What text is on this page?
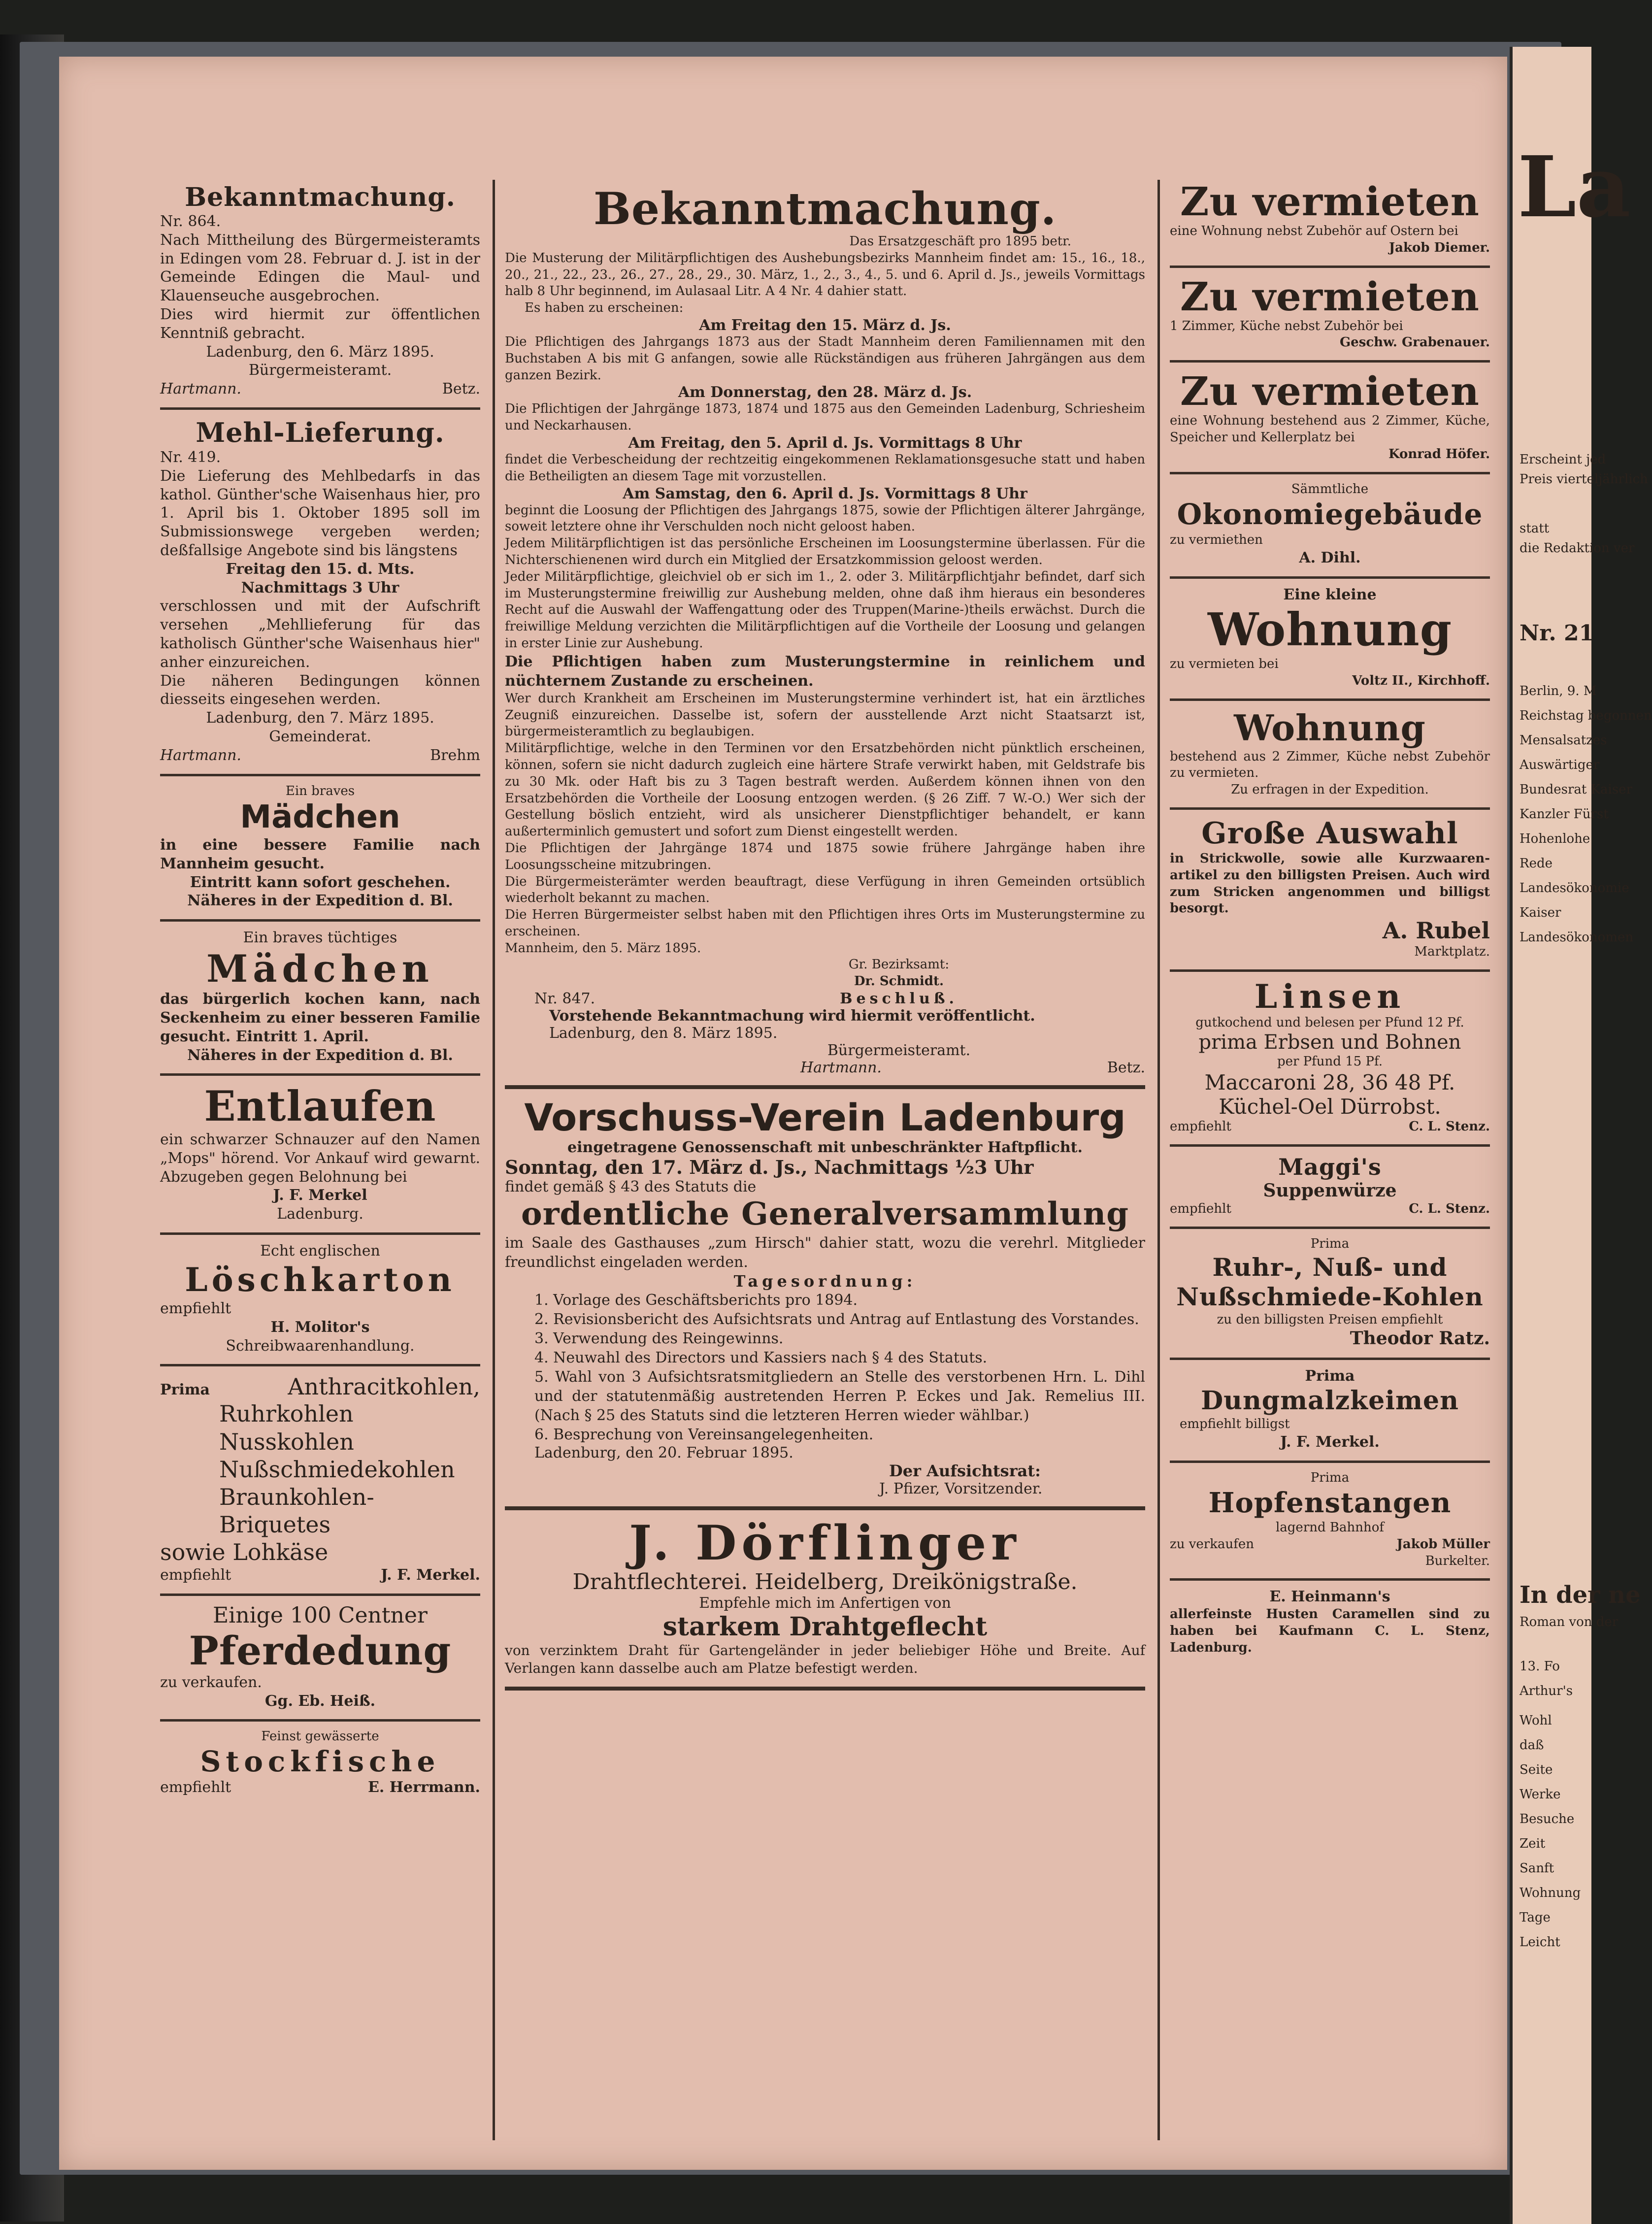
La
Erscheint jed
Preis vierteljährlich
statt
die Redaktion ver
Nr. 21
Berlin, 9. M
Reichstag begonnen
Mensalsatzes
Auswärtiger
Bundesrat Kaiser
Kanzler Fürst
Hohenlohe
Rede
Landesökonomie
Kaiser
Landesökonomen
In der ne
Roman von der
13. Fo
Arthur's
Wohl
daß
Seite
Werke
Besuche
Zeit
Sanft
Wohnung
Tage
Leicht
Bekanntmachung.
Nr. 864.
Nach Mittheilung des Bürgermeisteramts in Edingen vom 28. Februar d. J. ist in der Gemeinde Edingen die Maul- und Klauenseuche ausgebrochen.
Dies wird hiermit zur öffentlichen Kenntniß gebracht.
Ladenburg, den 6. März 1895.
Bürgermeisteramt.
Hartmann.	Betz.
Mehl-Lieferung.
Nr. 419.
Die Lieferung des Mehlbedarfs in das kathol. Günther'sche Waisenhaus hier, pro 1. April bis 1. Oktober 1895 soll im Submissionswege vergeben werden; deßfallsige Angebote sind bis längstens
Freitag den 15. d. Mts.
Nachmittags 3 Uhr
verschlossen und mit der Aufschrift versehen „Mehllieferung für das katholisch Günther'sche Waisenhaus hier" anher einzureichen.
Die näheren Bedingungen können diesseits eingesehen werden.
Ladenburg, den 7. März 1895.
Gemeinderat.
Hartmann.	Brehm
Ein braves
Mädchen
in eine bessere Familie nach Mannheim gesucht.
Eintritt kann sofort geschehen.
Näheres in der Expedition d. Bl.
Ein braves tüchtiges
Mädchen
das bürgerlich kochen kann, nach Seckenheim zu einer besseren Familie gesucht. Eintritt 1. April.
Näheres in der Expedition d. Bl.
Entlaufen
ein schwarzer Schnauzer auf den Namen „Mops" hörend. Vor Ankauf wird gewarnt. Abzugeben gegen Belohnung bei
J. F. Merkel
Ladenburg.
Echt englischen
Löschkarton
empfiehlt
H. Molitor's
Schreibwaarenhandlung.
Prima	Anthracitkohlen,
Ruhrkohlen
Nusskohlen
Nußschmiedekohlen
Braunkohlen-Briquetes
sowie Lohkäse
empfiehlt	J. F. Merkel.
Einige 100 Centner
Pferdedung
zu verkaufen.
Gg. Eb. Heiß.
Feinst gewässerte
Stockfische
empfiehlt	E. Herrmann.
Bekanntmachung.
Das Ersatzgeschäft pro 1895 betr.
Die Musterung der Militärpflichtigen des Aushebungsbezirks Mannheim findet am: 15., 16., 18., 20., 21., 22., 23., 26., 27., 28., 29., 30. März, 1., 2., 3., 4., 5. und 6. April d. Js., jeweils Vormittags halb 8 Uhr beginnend, im Aulasaal Litr. A 4 Nr. 4 dahier statt.
Es haben zu erscheinen:
Am Freitag den 15. März d. Js.
Die Pflichtigen des Jahrgangs 1873 aus der Stadt Mannheim deren Familiennamen mit den Buchstaben A bis mit G anfangen, sowie alle Rückständigen aus früheren Jahrgängen aus dem ganzen Bezirk.
Am Donnerstag, den 28. März d. Js.
Die Pflichtigen der Jahrgänge 1873, 1874 und 1875 aus den Gemeinden Ladenburg, Schriesheim und Neckarhausen.
Am Freitag, den 5. April d. Js. Vormittags 8 Uhr
findet die Verbescheidung der rechtzeitig eingekommenen Reklamationsgesuche statt und haben die Betheiligten an diesem Tage mit vorzustellen.
Am Samstag, den 6. April d. Js. Vormittags 8 Uhr
beginnt die Loosung der Pflichtigen des Jahrgangs 1875, sowie der Pflichtigen älterer Jahrgänge, soweit letztere ohne ihr Verschulden noch nicht geloost haben.
Jedem Militärpflichtigen ist das persönliche Erscheinen im Loosungstermine überlassen. Für die Nichterschienenen wird durch ein Mitglied der Ersatzkommission geloost werden.
Jeder Militärpflichtige, gleichviel ob er sich im 1., 2. oder 3. Militärpflichtjahr befindet, darf sich im Musterungstermine freiwillig zur Aushebung melden, ohne daß ihm hieraus ein besonderes Recht auf die Auswahl der Waffengattung oder des Truppen(Marine-)theils erwächst. Durch die freiwillige Meldung verzichten die Militärpflichtigen auf die Vortheile der Loosung und gelangen in erster Linie zur Aushebung.
Die Pflichtigen haben zum Musterungstermine in reinlichem und nüchternem Zustande zu erscheinen.
Wer durch Krankheit am Erscheinen im Musterungstermine verhindert ist, hat ein ärztliches Zeugniß einzureichen. Dasselbe ist, sofern der ausstellende Arzt nicht Staatsarzt ist, bürgermeisteramtlich zu beglaubigen.
Militärpflichtige, welche in den Terminen vor den Ersatzbehörden nicht pünktlich erscheinen, können, sofern sie nicht dadurch zugleich eine härtere Strafe verwirkt haben, mit Geldstrafe bis zu 30 Mk. oder Haft bis zu 3 Tagen bestraft werden. Außerdem können ihnen von den Ersatzbehörden die Vortheile der Loosung entzogen werden. (§ 26 Ziff. 7 W.-O.) Wer sich der Gestellung böslich entzieht, wird als unsicherer Dienstpflichtiger behandelt, er kann außerterminlich gemustert und sofort zum Dienst eingestellt werden.
Die Pflichtigen der Jahrgänge 1874 und 1875 sowie frühere Jahrgänge haben ihre Loosungsscheine mitzubringen.
Die Bürgermeisterämter werden beauftragt, diese Verfügung in ihren Gemeinden ortsüblich wiederholt bekannt zu machen.
Die Herren Bürgermeister selbst haben mit den Pflichtigen ihres Orts im Musterungstermine zu erscheinen.
Mannheim, den 5. März 1895.
Gr. Bezirksamt:
Dr. Schmidt.
Nr. 847.	Beschluß.
Vorstehende Bekanntmachung wird hiermit veröffentlicht.
Ladenburg, den 8. März 1895.
Bürgermeisteramt.
Hartmann.	Betz.
Vorschuss-Verein Ladenburg
eingetragene Genossenschaft mit unbeschränkter Haftpflicht.
Sonntag, den 17. März d. Js., Nachmittags ½3 Uhr
findet gemäß § 43 des Statuts die
ordentliche Generalversammlung
im Saale des Gasthauses „zum Hirsch" dahier statt, wozu die verehrl. Mitglieder freundlichst eingeladen werden.
Tagesordnung:
1. Vorlage des Geschäftsberichts pro 1894.
2. Revisionsbericht des Aufsichtsrats und Antrag auf Entlastung des Vorstandes.
3. Verwendung des Reingewinns.
4. Neuwahl des Directors und Kassiers nach § 4 des Statuts.
5. Wahl von 3 Aufsichtsratsmitgliedern an Stelle des verstorbenen Hrn. L. Dihl und der statutenmäßig austretenden Herren P. Eckes und Jak. Remelius III. (Nach § 25 des Statuts sind die letzteren Herren wieder wählbar.)
6. Besprechung von Vereinsangelegenheiten.
Ladenburg, den 20. Februar 1895.
Der Aufsichtsrat:
J. Pfizer, Vorsitzender.
J. Dörflinger
Drahtflechterei. Heidelberg, Dreikönigstraße.
Empfehle mich im Anfertigen von
starkem Drahtgeflecht
von verzinktem Draht für Gartengeländer in jeder beliebiger Höhe und Breite. Auf Verlangen kann dasselbe auch am Platze befestigt werden.
Zu vermieten
eine Wohnung nebst Zubehör auf Ostern bei
Jakob Diemer.
Zu vermieten
1 Zimmer, Küche nebst Zubehör bei
Geschw. Grabenauer.
Zu vermieten
eine Wohnung bestehend aus 2 Zimmer, Küche, Speicher und Kellerplatz bei
Konrad Höfer.
Sämmtliche
Okonomiegebäude
zu vermiethen
A. Dihl.
Eine kleine
Wohnung
zu vermieten bei
Voltz II., Kirchhoff.
Wohnung
bestehend aus 2 Zimmer, Küche nebst Zubehör zu vermieten.
Zu erfragen in der Expedition.
Große Auswahl
in Strickwolle, sowie alle Kurzwaaren-artikel zu den billigsten Preisen. Auch wird zum Stricken angenommen und billigst besorgt.
A. Rubel
Marktplatz.
Linsen
gutkochend und belesen per Pfund 12 Pf.
prima Erbsen und Bohnen
per Pfund 15 Pf.
Maccaroni 28, 36 48 Pf.
Küchel-Oel Dürrobst.
empfiehlt	C. L. Stenz.
Maggi's
Suppenwürze
empfiehlt	C. L. Stenz.
Prima
Ruhr-, Nuß- und Nußschmiede-Kohlen
zu den billigsten Preisen empfiehlt
Theodor Ratz.
Prima
Dungmalzkeimen
empfiehlt billigst
J. F. Merkel.
Prima
Hopfenstangen
lagernd Bahnhof
zu verkaufen	Jakob Müller
Burkelter.
E. Heinmann's
allerfeinste Husten Caramellen sind zu haben bei Kaufmann C. L. Stenz, Ladenburg.
